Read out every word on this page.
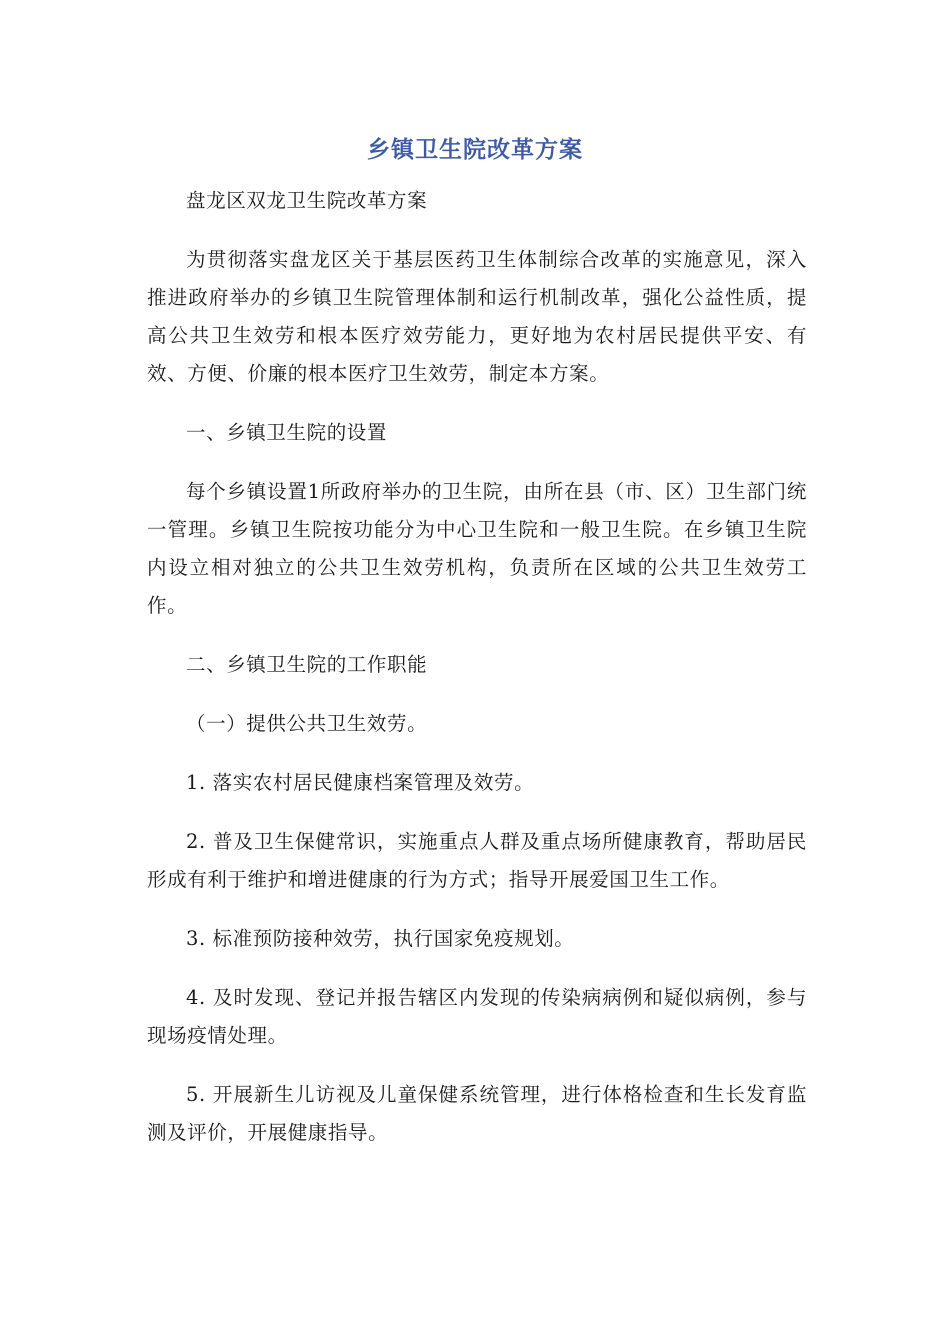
乡镇卫生院改革方案

盘龙区双龙卫生院改革方案

为贯彻落实盘龙区关于基层医药卫生体制综合改革的实施意见，深入推进政府举办的乡镇卫生院管理体制和运行机制改革，强化公益性质，提高公共卫生效劳和根本医疗效劳能力，更好地为农村居民提供平安、有效、方便、价廉的根本医疗卫生效劳，制定本方案。

一、乡镇卫生院的设置

每个乡镇设置1所政府举办的卫生院，由所在县（市、区）卫生部门统一管理。乡镇卫生院按功能分为中心卫生院和一般卫生院。在乡镇卫生院内设立相对独立的公共卫生效劳机构，负责所在区域的公共卫生效劳工作。

二、乡镇卫生院的工作职能

（一）提供公共卫生效劳。

1. 落实农村居民健康档案管理及效劳。

2. 普及卫生保健常识，实施重点人群及重点场所健康教育，帮助居民形成有利于维护和增进健康的行为方式；指导开展爱国卫生工作。

3. 标准预防接种效劳，执行国家免疫规划。

4. 及时发现、登记并报告辖区内发现的传染病病例和疑似病例，参与现场疫情处理。

5. 开展新生儿访视及儿童保健系统管理，进行体格检查和生长发育监测及评价，开展健康指导。
